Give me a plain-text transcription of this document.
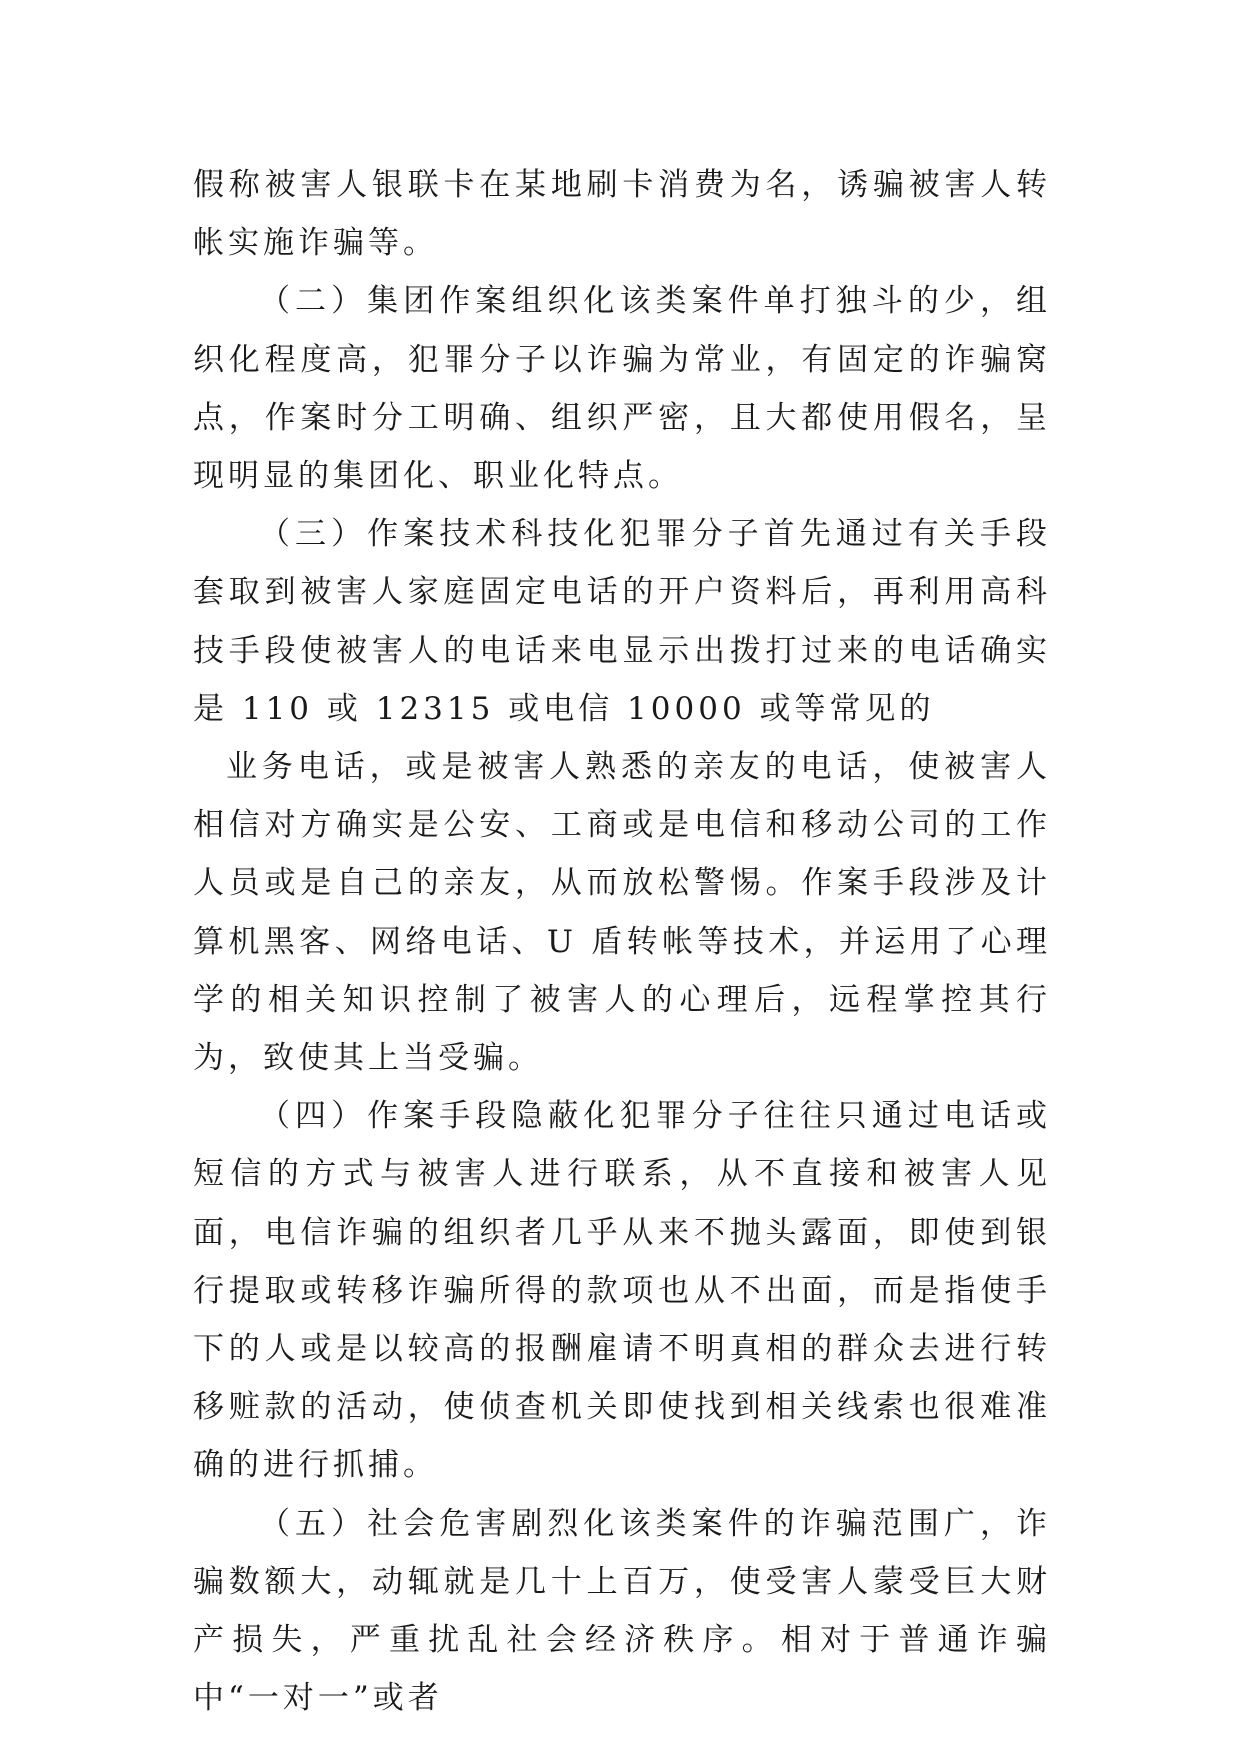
假称被害人银联卡在某地刷卡消费为名，诱骗被害人转帐实施诈骗等。

（二）集团作案组织化该类案件单打独斗的少，组织化程度高，犯罪分子以诈骗为常业，有固定的诈骗窝点，作案时分工明确、组织严密，且大都使用假名，呈现明显的集团化、职业化特点。

（三）作案技术科技化犯罪分子首先通过有关手段套取到被害人家庭固定电话的开户资料后，再利用高科技手段使被害人的电话来电显示出拨打过来的电话确实是 110 或 12315 或电信 10000 或等常见的

业务电话，或是被害人熟悉的亲友的电话，使被害人相信对方确实是公安、工商或是电信和移动公司的工作人员或是自己的亲友，从而放松警惕。作案手段涉及计算机黑客、网络电话、U 盾转帐等技术，并运用了心理学的相关知识控制了被害人的心理后，远程掌控其行为，致使其上当受骗。

（四）作案手段隐蔽化犯罪分子往往只通过电话或短信的方式与被害人进行联系，从不直接和被害人见面，电信诈骗的组织者几乎从来不抛头露面，即使到银行提取或转移诈骗所得的款项也从不出面，而是指使手下的人或是以较高的报酬雇请不明真相的群众去进行转移赃款的活动，使侦查机关即使找到相关线索也很难准确的进行抓捕。

（五）社会危害剧烈化该类案件的诈骗范围广，诈骗数额大，动辄就是几十上百万，使受害人蒙受巨大财产损失，严重扰乱社会经济秩序。相对于普通诈骗中“一对一”或者
